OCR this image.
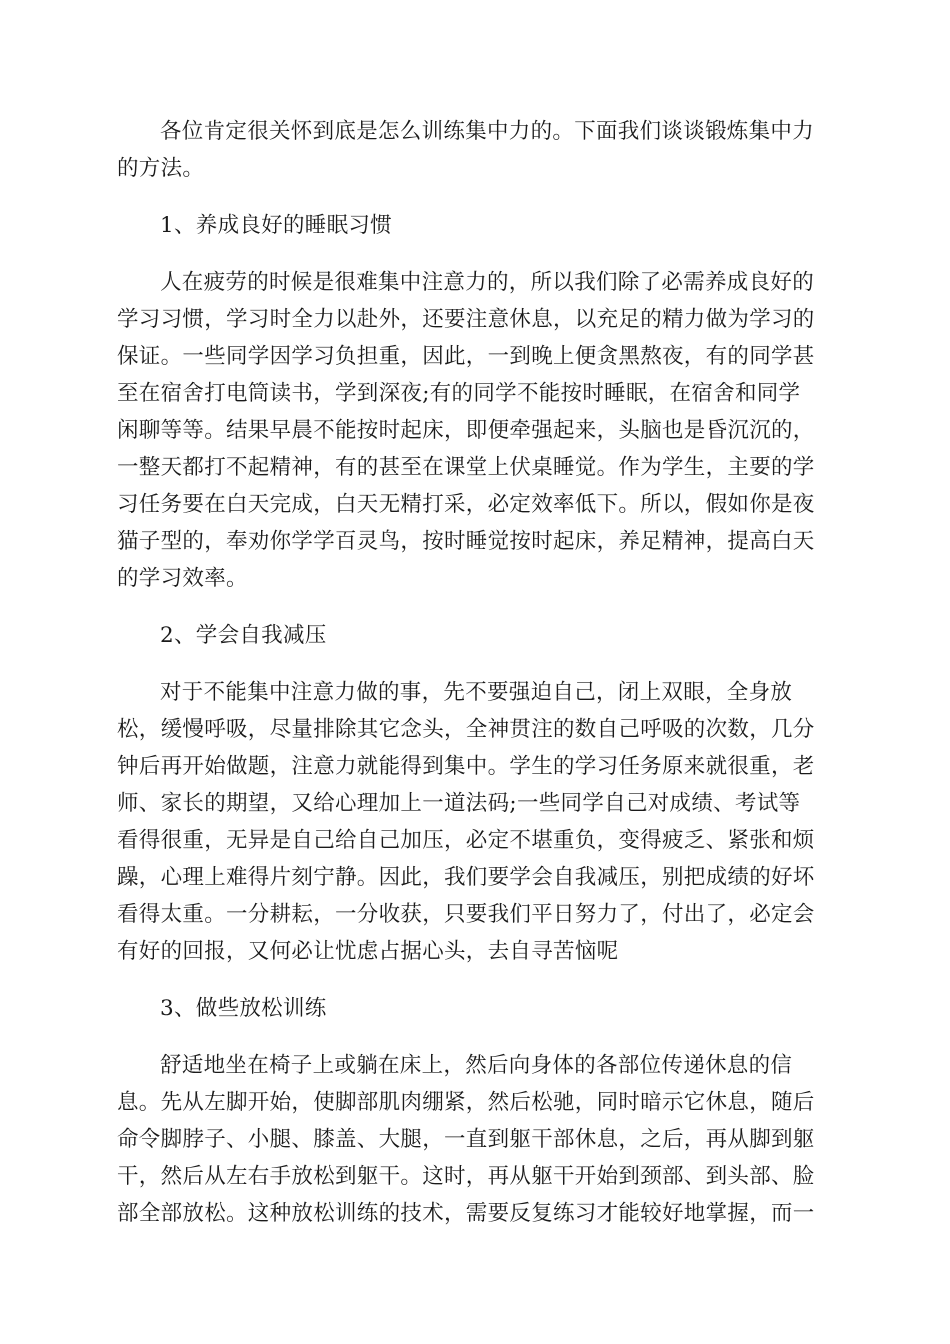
各位肯定很关怀到底是怎么训练集中力的。下面我们谈谈锻炼集中力
的方法。

1、养成良好的睡眠习惯

人在疲劳的时候是很难集中注意力的，所以我们除了必需养成良好的
学习习惯，学习时全力以赴外，还要注意休息，以充足的精力做为学习的
保证。一些同学因学习负担重，因此，一到晚上便贪黑熬夜，有的同学甚
至在宿舍打电筒读书，学到深夜;有的同学不能按时睡眠，在宿舍和同学
闲聊等等。结果早晨不能按时起床，即便牵强起来，头脑也是昏沉沉的，
一整天都打不起精神，有的甚至在课堂上伏桌睡觉。作为学生，主要的学
习任务要在白天完成，白天无精打采，必定效率低下。所以，假如你是夜
猫子型的，奉劝你学学百灵鸟，按时睡觉按时起床，养足精神，提高白天
的学习效率。

2、学会自我减压

对于不能集中注意力做的事，先不要强迫自己，闭上双眼，全身放
松，缓慢呼吸，尽量排除其它念头，全神贯注的数自己呼吸的次数，几分
钟后再开始做题，注意力就能得到集中。学生的学习任务原来就很重，老
师、家长的期望，又给心理加上一道法码;一些同学自己对成绩、考试等
看得很重，无异是自己给自己加压，必定不堪重负，变得疲乏、紧张和烦
躁，心理上难得片刻宁静。因此，我们要学会自我减压，别把成绩的好坏
看得太重。一分耕耘，一分收获，只要我们平日努力了，付出了，必定会
有好的回报，又何必让忧虑占据心头，去自寻苦恼呢

3、做些放松训练

舒适地坐在椅子上或躺在床上，然后向身体的各部位传递休息的信
息。先从左脚开始，使脚部肌肉绷紧，然后松驰，同时暗示它休息，随后
命令脚脖子、小腿、膝盖、大腿，一直到躯干部休息，之后，再从脚到躯
干，然后从左右手放松到躯干。这时，再从躯干开始到颈部、到头部、脸
部全部放松。这种放松训练的技术，需要反复练习才能较好地掌握，而一
